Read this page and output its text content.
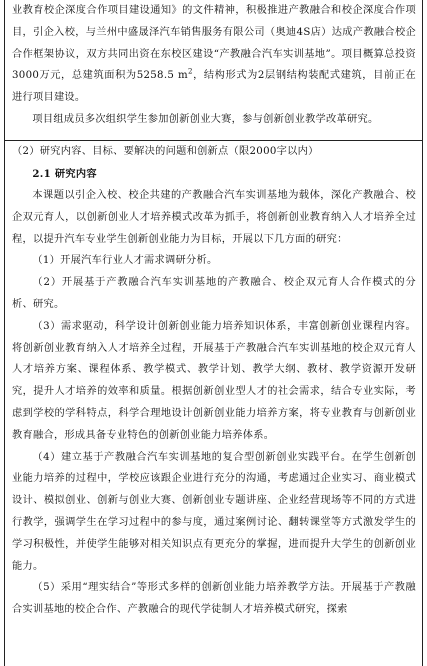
业教育校企深度合作项目建设通知》的文件精神，积极推进产教融合和校企深度合作项目，引企入校，与兰州中盛晟泽汽车销售服务有限公司（奥迪4S店）达成产教融合校企合作框架协议，双方共同出资在东校区建设“产教融合汽车实训基地”。项目概算总投资3000万元，总建筑面积为5258.5 $m^2$，结构形式为2层钢结构装配式建筑，目前正在进行项目建设。

项目组成员多次组织学生参加创新创业大赛，参与创新创业教学改革研究。

（2）研究内容、目标、要解决的问题和创新点（限2000字以内）

2.1 研究内容

本课题以引企入校、校企共建的产教融合汽车实训基地为载体，深化产教融合、校企双元育人，以创新创业人才培养模式改革为抓手，将创新创业教育纳入人才培养全过程，以提升汽车专业学生创新创业能力为目标，开展以下几方面的研究：

（1）开展汽车行业人才需求调研分析。

（2）开展基于产教融合汽车实训基地的产教融合、校企双元育人合作模式的分析、研究。

（3）需求驱动，科学设计创新创业能力培养知识体系，丰富创新创业课程内容。将创新创业教育纳入人才培养全过程，开展基于产教融合汽车实训基地的校企双元育人人才培养方案、课程体系、教学模式、教学计划、教学大纲、教材、教学资源开发研究，提升人才培养的效率和质量。根据创新创业型人才的社会需求，结合专业实际，考虑到学校的学科特点，科学合理地设计创新创业能力培养方案，将专业教育与创新创业教育融合，形成具备专业特色的创新创业能力培养体系。

（4）建立基于产教融合汽车实训基地的复合型创新创业实践平台。在学生创新创业能力培养的过程中，学校应该跟企业进行充分的沟通，考虑通过企业实习、商业模式设计、模拟创业、创新与创业大赛、创新创业专题讲座、企业经营现场等不同的方式进行教学，强调学生在学习过程中的参与度，通过案例讨论、翻转课堂等方式激发学生的学习积极性，并使学生能够对相关知识点有更充分的掌握，进而提升大学生的创新创业能力。

（5）采用“理实结合”等形式多样的创新创业能力培养教学方法。开展基于产教融合实训基地的校企合作、产教融合的现代学徒制人才培养模式研究，探索
